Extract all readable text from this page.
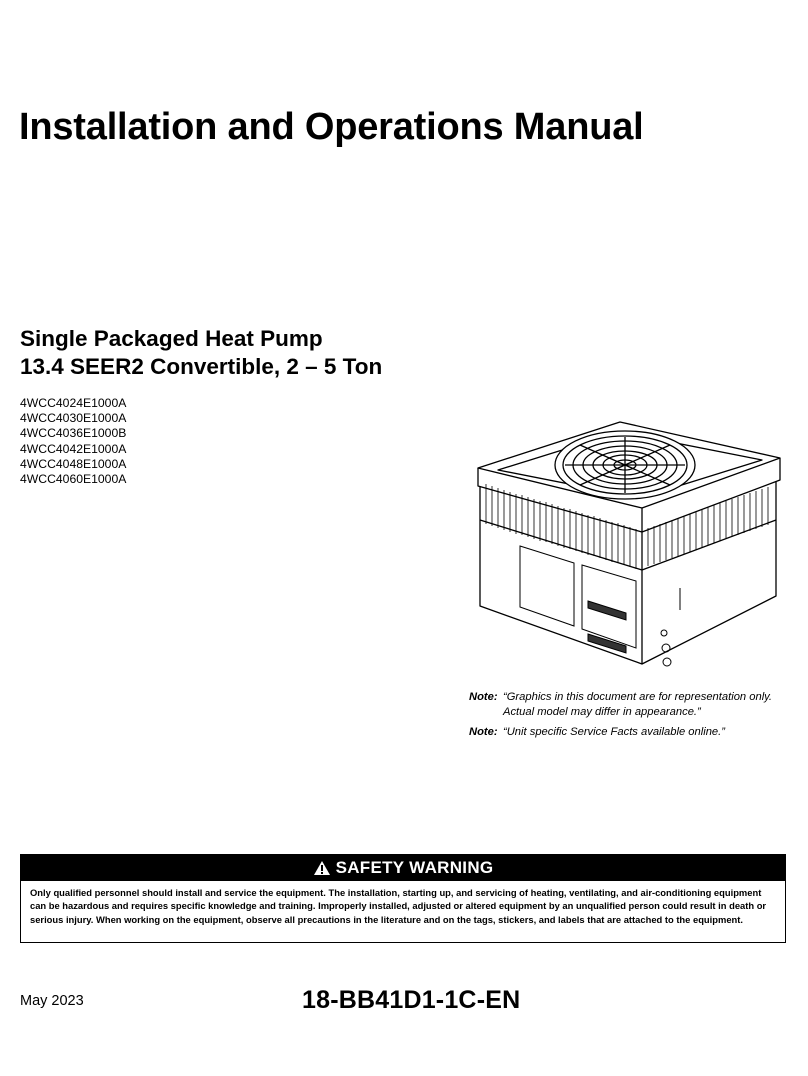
Installation and Operations Manual
Single Packaged Heat Pump
13.4 SEER2 Convertible, 2 – 5 Ton
4WCC4024E1000A
4WCC4030E1000A
4WCC4036E1000B
4WCC4042E1000A
4WCC4048E1000A
4WCC4060E1000A
Note: “Graphics in this document are for representation only. Actual model may differ in appearance.”
Note: “Unit specific Service Facts available online.”
SAFETY WARNING
Only qualified personnel should install and service the equipment. The installation, starting up, and servicing of heating, ventilating, and air-conditioning equipment can be hazardous and requires specific knowledge and training. Improperly installed, adjusted or altered equipment by an unqualified person could result in death or serious injury. When working on the equipment, observe all precautions in the literature and on the tags, stickers, and labels that are attached to the equipment.
May 2023	18-BB41D1-1C-EN
